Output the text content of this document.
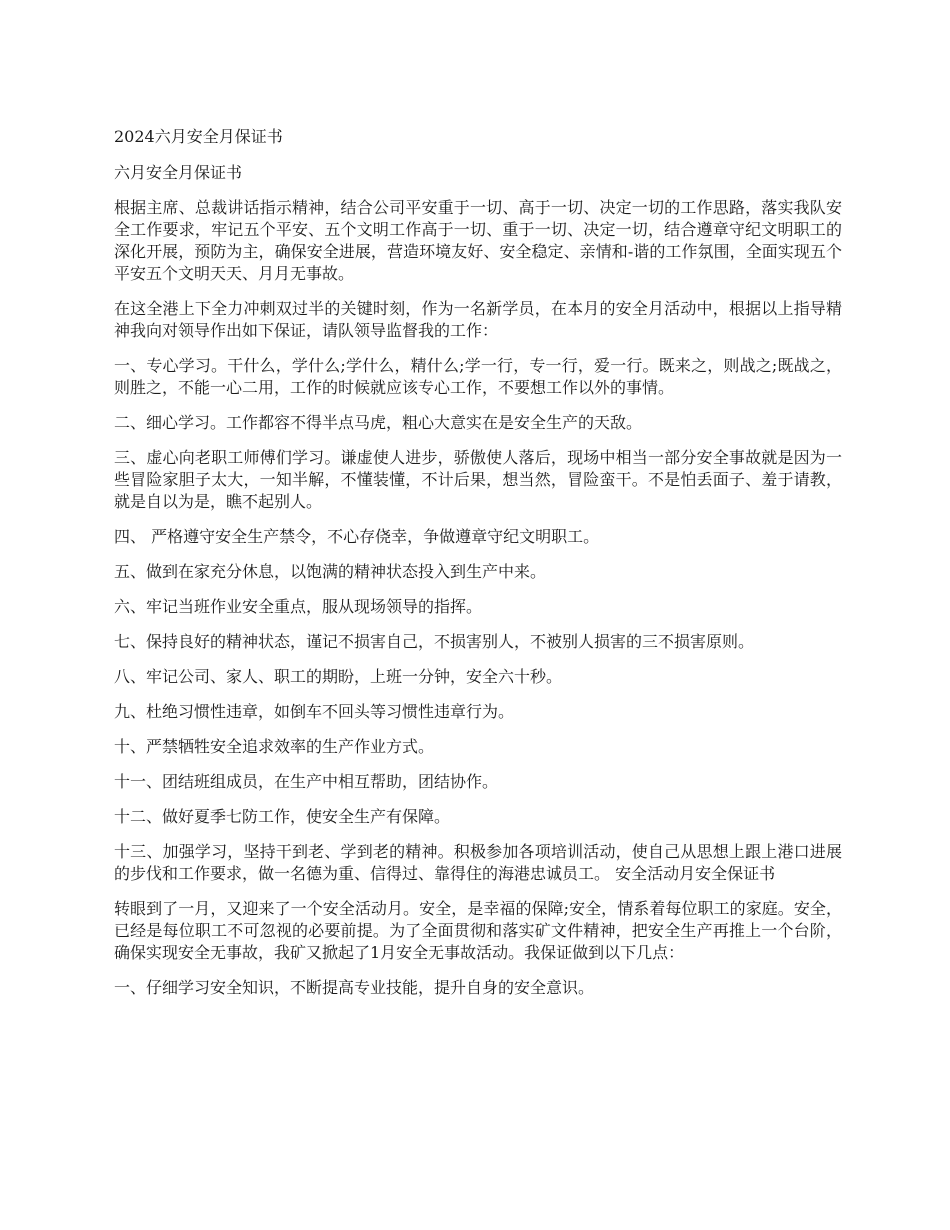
2024六月安全月保证书

六月安全月保证书

根据主席、总裁讲话指示精神，结合公司平安重于一切、高于一切、决定一切的工作思路，落实我队安全工作要求，牢记五个平安、五个文明工作高于一切、重于一切、决定一切，结合遵章守纪文明职工的深化开展，预防为主，确保安全进展，营造环境友好、安全稳定、亲情和-谐的工作氛围，全面实现五个平安五个文明天天、月月无事故。

在这全港上下全力冲刺双过半的关键时刻，作为一名新学员，在本月的安全月活动中，根据以上指导精神我向对领导作出如下保证，请队领导监督我的工作：

一、专心学习。干什么，学什么;学什么，精什么;学一行，专一行，爱一行。既来之，则战之;既战之，则胜之，不能一心二用，工作的时候就应该专心工作，不要想工作以外的事情。

二、细心学习。工作都容不得半点马虎，粗心大意实在是安全生产的天敌。

三、虚心向老职工师傅们学习。谦虚使人进步，骄傲使人落后，现场中相当一部分安全事故就是因为一些冒险家胆子太大，一知半解，不懂装懂，不计后果，想当然，冒险蛮干。不是怕丢面子、羞于请教，就是自以为是，瞧不起别人。

四、 严格遵守安全生产禁令，不心存侥幸，争做遵章守纪文明职工。

五、做到在家充分休息，以饱满的精神状态投入到生产中来。

六、牢记当班作业安全重点，服从现场领导的指挥。

七、保持良好的精神状态，谨记不损害自己，不损害别人，不被别人损害的三不损害原则。

八、牢记公司、家人、职工的期盼，上班一分钟，安全六十秒。

九、杜绝习惯性违章，如倒车不回头等习惯性违章行为。

十、严禁牺牲安全追求效率的生产作业方式。

十一、团结班组成员，在生产中相互帮助，团结协作。

十二、做好夏季七防工作，使安全生产有保障。

十三、加强学习，坚持干到老、学到老的精神。积极参加各项培训活动，使自己从思想上跟上港口进展的步伐和工作要求，做一名德为重、信得过、靠得住的海港忠诚员工。 安全活动月安全保证书

转眼到了一月，又迎来了一个安全活动月。安全，是幸福的保障;安全，情系着每位职工的家庭。安全，已经是每位职工不可忽视的必要前提。为了全面贯彻和落实矿文件精神，把安全生产再推上一个台阶，确保实现安全无事故，我矿又掀起了1月安全无事故活动。我保证做到以下几点：

一、仔细学习安全知识，不断提高专业技能，提升自身的安全意识。
